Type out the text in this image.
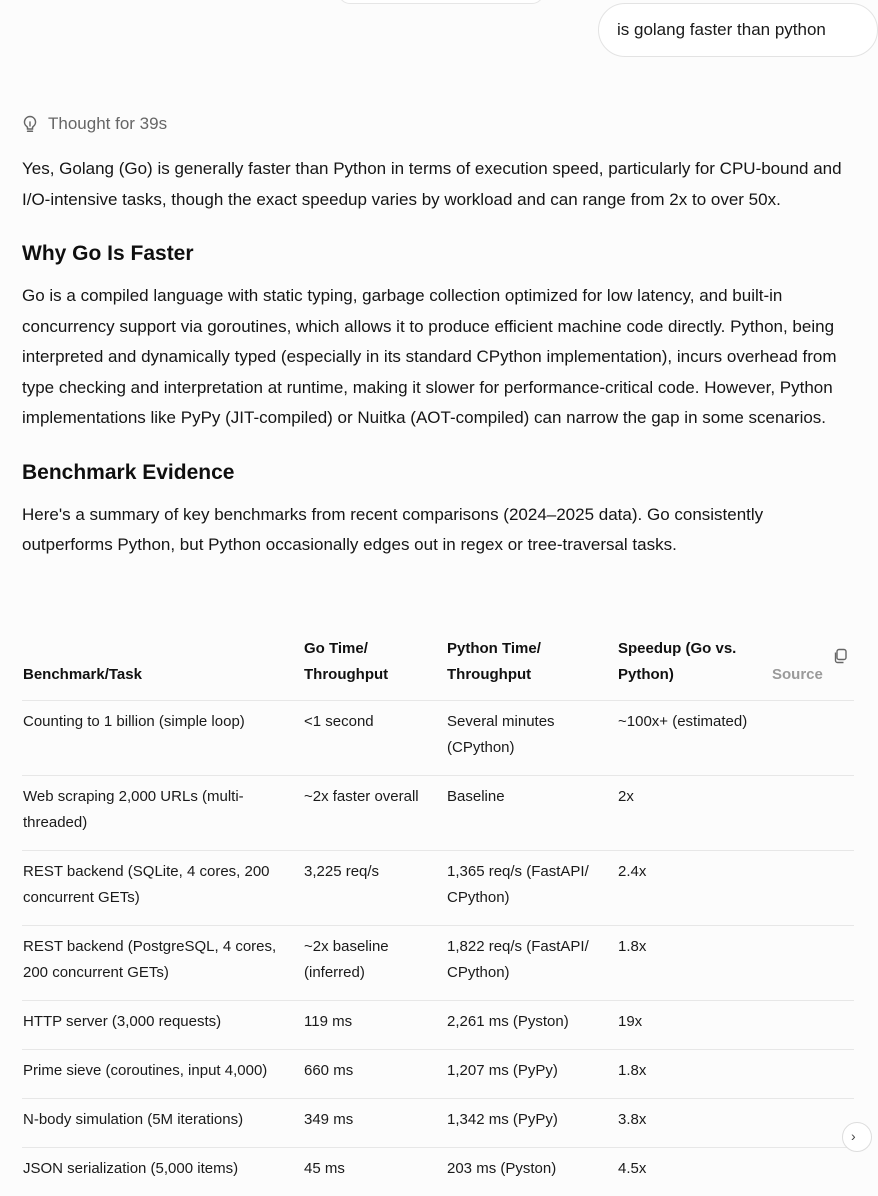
is golang faster than python
Thought for 39s

Yes, Golang (Go) is generally faster than Python in terms of execution speed, particularly for CPU-bound and I/O-intensive tasks, though the exact speedup varies by workload and can range from 2x to over 50x.

Why Go Is Faster

Go is a compiled language with static typing, garbage collection optimized for low latency, and built-in concurrency support via goroutines, which allows it to produce efficient machine code directly. Python, being interpreted and dynamically typed (especially in its standard CPython implementation), incurs overhead from type checking and interpretation at runtime, making it slower for performance-critical code. However, Python implementations like PyPy (JIT-compiled) or Nuitka (AOT-compiled) can narrow the gap in some scenarios.

Benchmark Evidence

Here's a summary of key benchmarks from recent comparisons (2024–2025 data). Go consistently outperforms Python, but Python occasionally edges out in regex or tree-traversal tasks.

Benchmark/Task	Go Time/ Throughput	Python Time/ Throughput	Speedup (Go vs. Python)	Source
Counting to 1 billion (simple loop)	<1 second	Several minutes (CPython)	~100x+ (estimated)	
Web scraping 2,000 URLs (multi-threaded)	~2x faster overall	Baseline	2x	
REST backend (SQLite, 4 cores, 200 concurrent GETs)	3,225 req/s	1,365 req/s (FastAPI/ CPython)	2.4x	
REST backend (PostgreSQL, 4 cores, 200 concurrent GETs)	~2x baseline (inferred)	1,822 req/s (FastAPI/ CPython)	1.8x	
HTTP server (3,000 requests)	119 ms	2,261 ms (Pyston)	19x	
Prime sieve (coroutines, input 4,000)	660 ms	1,207 ms (PyPy)	1.8x	
N-body simulation (5M iterations)	349 ms	1,342 ms (PyPy)	3.8x	
JSON serialization (5,000 items)	45 ms	203 ms (Pyston)	4.5x	
›
